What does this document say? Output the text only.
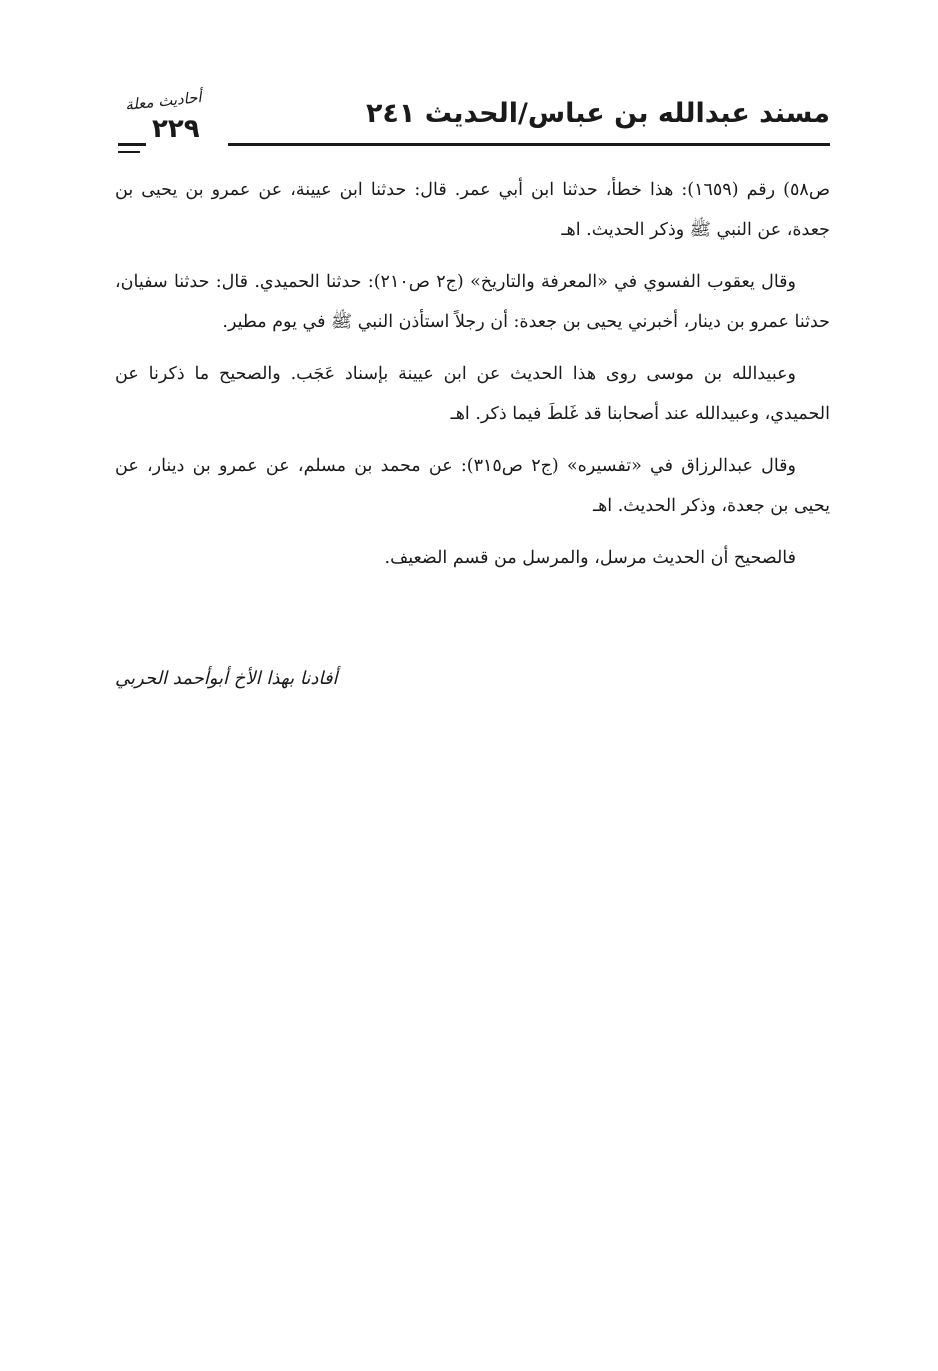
مسند عبدالله بن عباس/الحديث ٢٤١
أحاديث معلة
٢٢٩

ص٥٨) رقم (١٦٥٩): هذا خطأ، حدثنا ابن أبي عمر. قال: حدثنا ابن عيينة، عن عمرو بن يحيى بن جعدة، عن النبي ﷺ وذكر الحديث. اهـ

وقال يعقوب الفسوي في «المعرفة والتاريخ» (ج٢ ص٢١٠): حدثنا الحميدي. قال: حدثنا سفيان، حدثنا عمرو بن دينار، أخبرني يحيى بن جعدة: أن رجلاً استأذن النبي ﷺ في يوم مطير.

وعبيدالله بن موسى روى هذا الحديث عن ابن عيينة بإسناد عَجَب. والصحيح ما ذكرنا عن الحميدي، وعبيدالله عند أصحابنا قد غَلطَ فيما ذكر. اهـ

وقال عبدالرزاق في «تفسيره» (ج٢ ص٣١٥): عن محمد بن مسلم، عن عمرو بن دينار، عن يحيى بن جعدة، وذكر الحديث. اهـ

فالصحيح أن الحديث مرسل، والمرسل من قسم الضعيف.

أفادنا بهذا الأخ أبوأحمد الحربي
